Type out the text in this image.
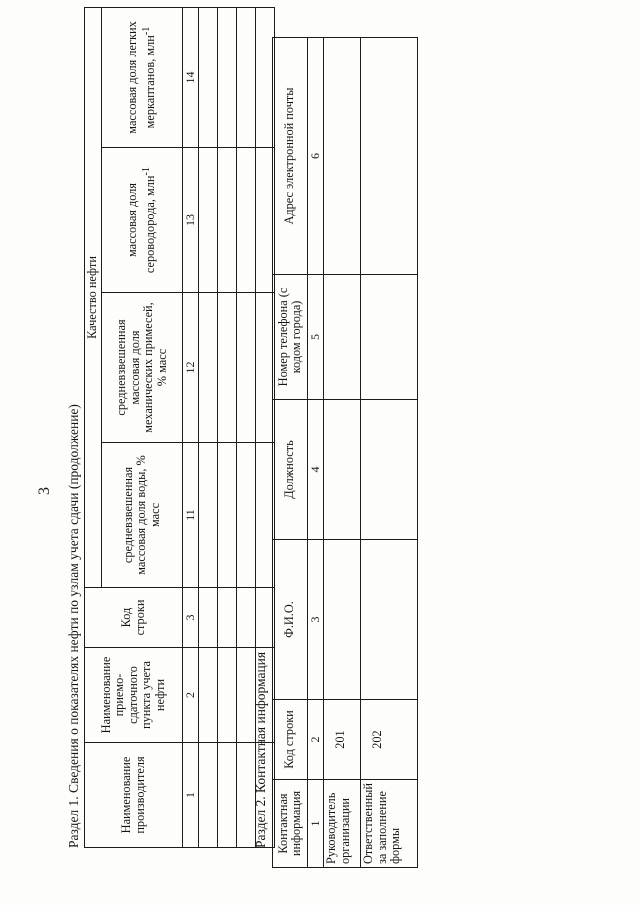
3 Раздел 1. Сведения о показателях нефти по узлам учета сдачи (продолжение)	Наименование производителя	Наименование приемо-сдаточного пункта учета нефти	Код строки	Качество нефти			
			средневзвешенная массовая доля воды, % масс	средневзвешенная массовая доля механических примесей, % масс	массовая доля сероводорода, млн$^{-1}$	массовая доля легких меркаптанов, млн$^{-1}$
1	2	3	11	12	13	14

Раздел 2. Контактная информация Контактная информация	Код строки	Ф.И.О.	Должность	Номер телефона (с кодом города)	Адрес электронной почты
1	2	3	4	5	6
Руководитель организации	201				
Ответственный за заполнение формы	202				
